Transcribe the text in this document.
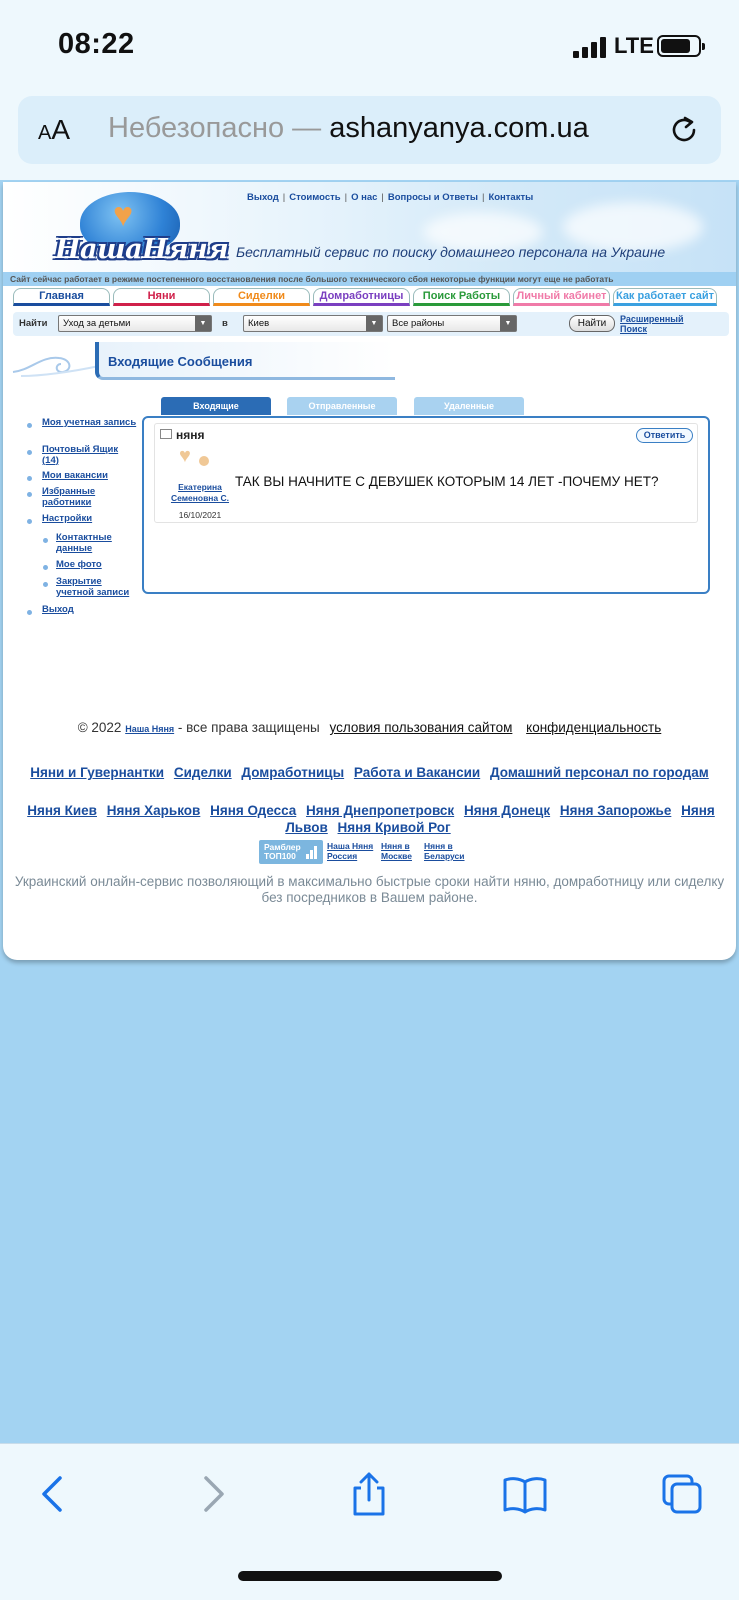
08:22	LTE
AA Небезопасно — ashanyanya.com.ua
♥
НашаНяня
Выход | Стоимость | О нас | Вопросы и Ответы | Контакты
Бесплатный сервис по поиску домашнего персонала на Украине
Сайт сейчас работает в режиме постепенного восстановления после большого технического сбоя некоторые функции могут еще не работать
Главная	Няни	Сиделки	Домработницы	Поиск Работы	Личный кабинет Как работает сайт
Найти	Уход за детьми	▼	в	Киев	▼	Все районы	▼	Найти	Расширенный Поиск
Входящие Сообщения
Моя учетная запись
Почтовый Ящик (14)
Мои вакансии
Избранные работники
Настройки
Контактные данные
Мое фото
Закрытие учетной записи
Выход
Входящие	Отправленные	Удаленные
няня	Ответить
♥
Екатерина Семеновна С.
16/10/2021
ТАК ВЫ НАЧНИТЕ С ДЕВУШЕК КОТОРЫМ 14 ЛЕТ -ПОЧЕМУ НЕТ?
© 2022 Наша Няня - все права защищены условия пользования сайтом конфиденциальность
Няни и Гувернантки Сиделки Домработницы Работа и Вакансии Домашний персонал по городам
Няня Киев Няня Харьков Няня Одесса Няня Днепропетровск Няня Донецк Няня Запорожье Няня Львов Няня Кривой Рог
Рамблер
ТОП100
Наша Няня Россия
Няня в Москве
Няня в Беларуси
Украинский онлайн-сервис позволяющий в максимально быстрые сроки найти няню, домработницу или сиделку без посредников в Вашем районе.
